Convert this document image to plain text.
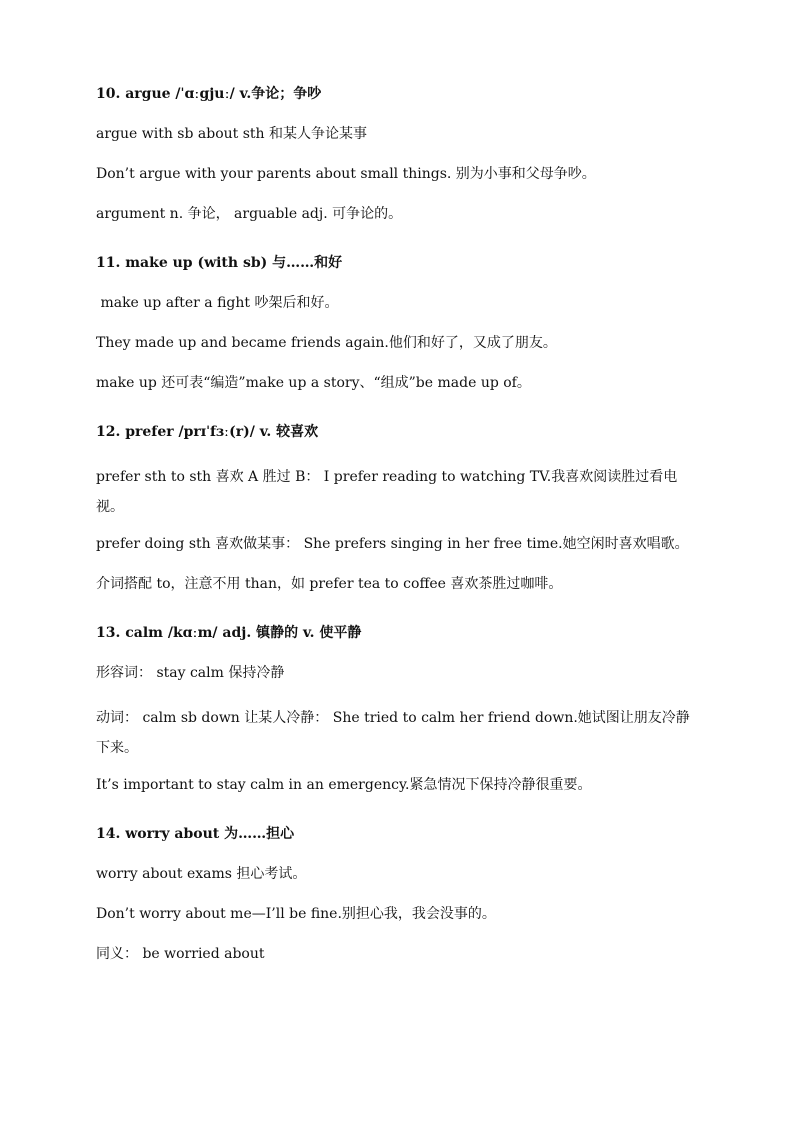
10. argue /ˈɑːgjuː/ v.争论；争吵
argue with sb about sth 和某人争论某事
Don’t argue with your parents about small things. 别为小事和父母争吵。
argument n. 争论， arguable adj. 可争论的。
11. make up (with sb) 与……和好
make up after a fight 吵架后和好。
They made up and became friends again.他们和好了，又成了朋友。
make up 还可表“编造”make up a story、“组成”be made up of。
12. prefer /prɪˈfɜː(r)/ v. 较喜欢
prefer sth to sth 喜欢 A 胜过 B： I prefer reading to watching TV.我喜欢阅读胜过看电视。
prefer doing sth 喜欢做某事： She prefers singing in her free time.她空闲时喜欢唱歌。
介词搭配 to，注意不用 than，如 prefer tea to coffee 喜欢茶胜过咖啡。
13. calm /kɑːm/ adj. 镇静的 v. 使平静
形容词： stay calm 保持冷静
动词： calm sb down 让某人冷静： She tried to calm her friend down.她试图让朋友冷静下来。
It’s important to stay calm in an emergency.紧急情况下保持冷静很重要。
14. worry about 为……担心
worry about exams 担心考试。
Don’t worry about me—I’ll be fine.别担心我，我会没事的。
同义： be worried about
